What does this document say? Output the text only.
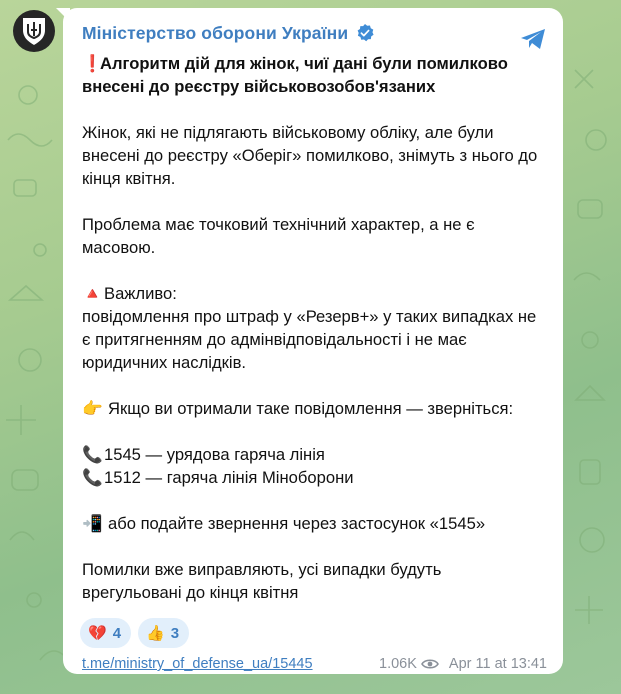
Міністерство оборони України

❗Алгоритм дій для жінок, чиї дані були помилково внесені до реєстру військовозобов'язаних

Жінок, які не підлягають військовому обліку, але були внесені до реєстру «Оберіг» помилково, знімуть з нього до кінця квітня.

Проблема має точковий технічний характер, а не є масовою.

🔺Важливо:

повідомлення про штраф у «Резерв+» у таких випадках не є притягненням до адмінвідповідальності і не має юридичних наслідків.

👉 Якщо ви отримали таке повідомлення — зверніться:

📞1545 — урядова гаряча лінія

📞1512 — гаряча лінія Міноборони

📲 або подайте звернення через застосунок «1545»

Помилки вже виправляють, усі випадки будуть врегульовані до кінця квітня

💔 4 👍 3
t.me/ministry_of_defense_ua/15445	1.06K Apr 11 at 13:41
